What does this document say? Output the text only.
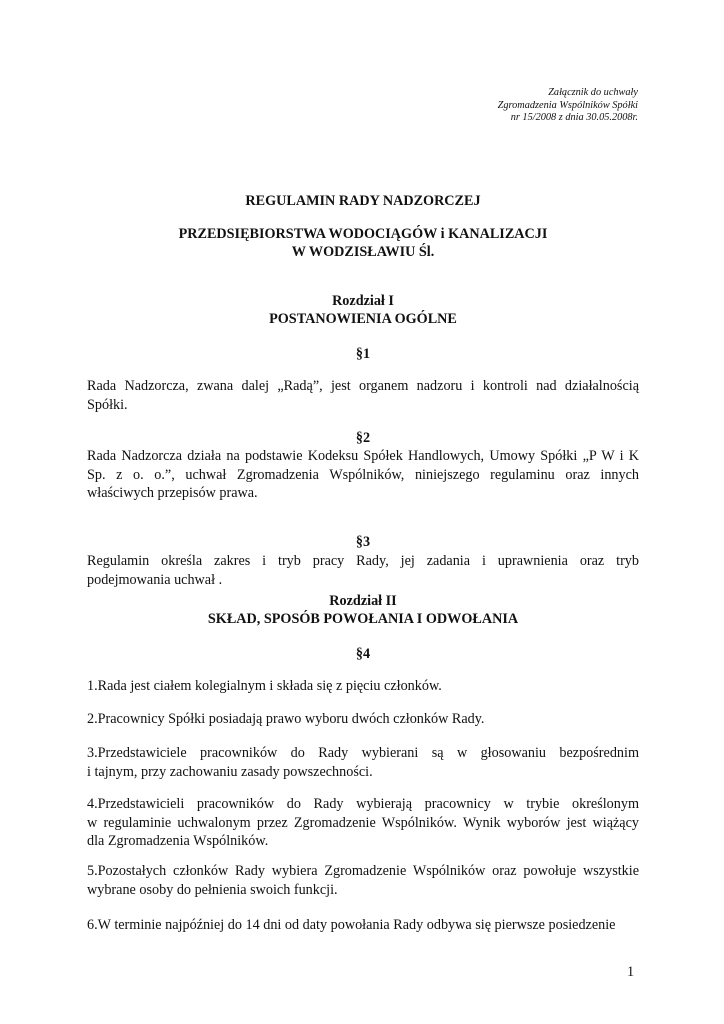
Załącznik do uchwały
Zgromadzenia Wspólników Spółki
nr 15/2008 z dnia 30.05.2008r.
REGULAMIN RADY NADZORCZEJ
PRZEDSIĘBIORSTWA WODOCIĄGÓW i KANALIZACJI
W WODZISŁAWIU Śl.
Rozdział I
POSTANOWIENIA OGÓLNE
§1
Rada Nadzorcza, zwana dalej „Radą”, jest organem nadzoru i kontroli nad działalnością
Spółki.
§2
Rada Nadzorcza działa na podstawie Kodeksu Spółek Handlowych, Umowy Spółki „P W i K
Sp. z o. o.”, uchwał Zgromadzenia Wspólników, niniejszego regulaminu oraz innych
właściwych przepisów prawa.
§3
Regulamin określa zakres i tryb pracy Rady, jej zadania i uprawnienia oraz tryb
podejmowania uchwał .
Rozdział II
SKŁAD, SPOSÓB POWOŁANIA I ODWOŁANIA
§4
1.Rada jest ciałem kolegialnym i składa się z pięciu członków.
2.Pracownicy Spółki posiadają prawo wyboru dwóch członków Rady.
3.Przedstawiciele pracowników do Rady wybierani są w głosowaniu bezpośrednim
i tajnym, przy zachowaniu zasady powszechności.
4.Przedstawicieli pracowników do Rady wybierają pracownicy w trybie określonym
w regulaminie uchwalonym przez Zgromadzenie Wspólników. Wynik wyborów jest wiążący
dla Zgromadzenia Wspólników.
5.Pozostałych członków Rady wybiera Zgromadzenie Wspólników oraz powołuje wszystkie
wybrane osoby do pełnienia swoich funkcji.
6.W terminie najpóźniej do 14 dni od daty powołania Rady odbywa się pierwsze posiedzenie
1
